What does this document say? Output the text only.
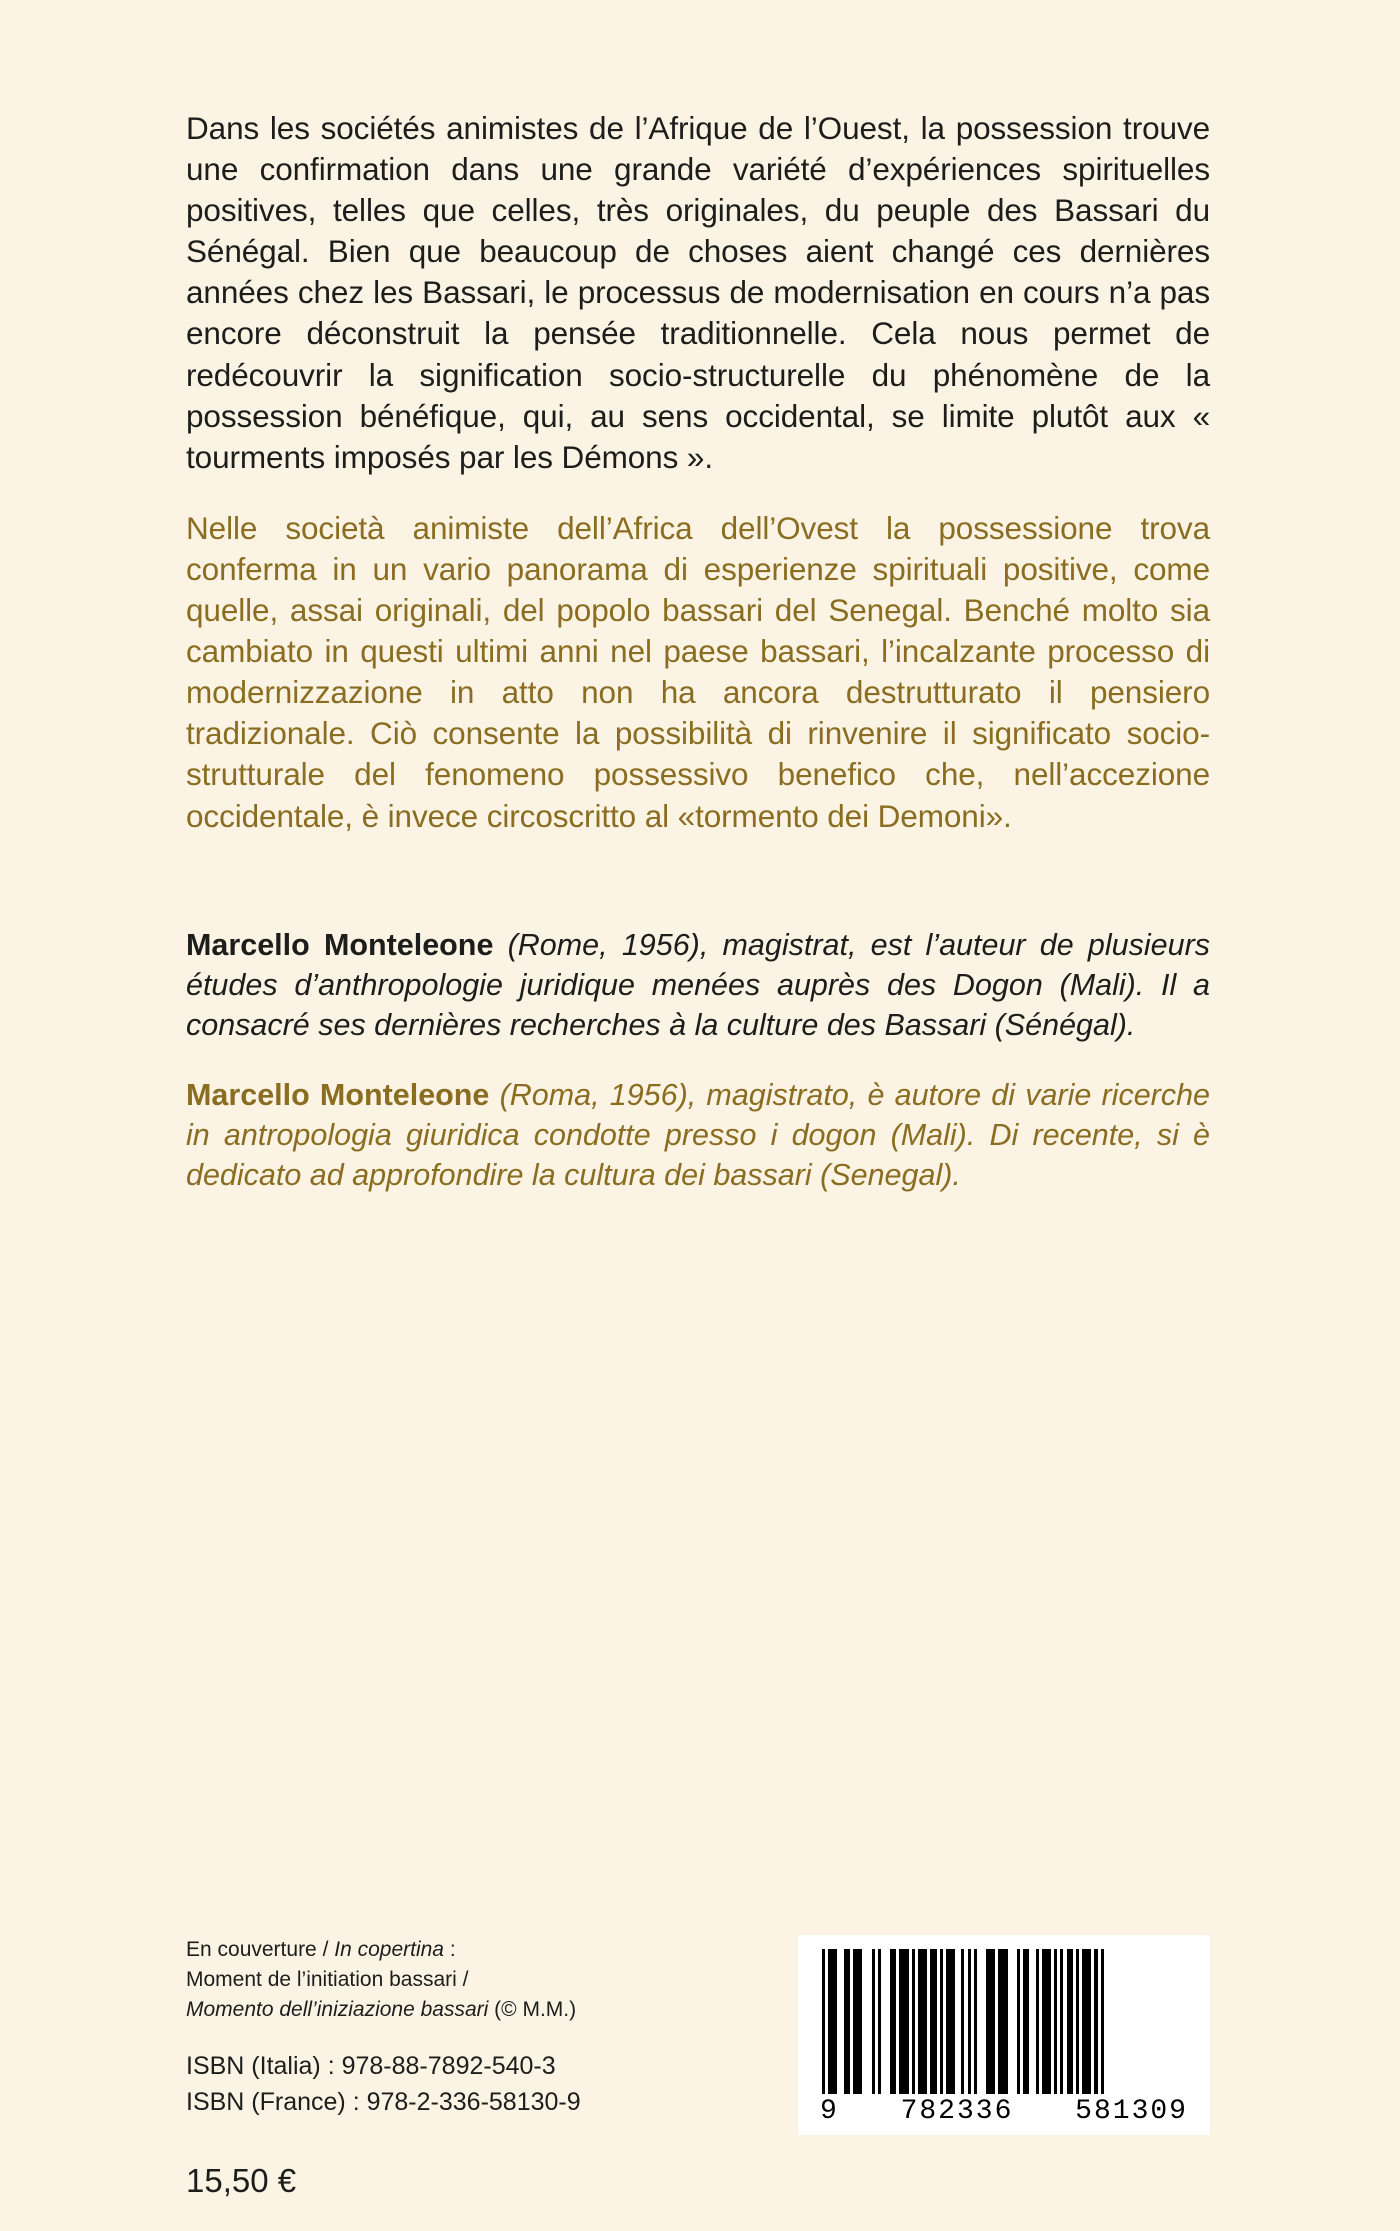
Dans les sociétés animistes de l’Afrique de l’Ouest, la possession trouve une confirmation dans une grande variété d’expériences spirituelles positives, telles que celles, très originales, du peuple des Bassari du Sénégal. Bien que beaucoup de choses aient changé ces dernières années chez les Bassari, le processus de modernisation en cours n’a pas encore déconstruit la pensée traditionnelle. Cela nous permet de redécouvrir la signification socio-structurelle du phénomène de la possession bénéfique, qui, au sens occidental, se limite plutôt aux « tourments imposés par les Démons ».

Nelle società animiste dell’Africa dell’Ovest la possessione trova conferma in un vario panorama di esperienze spirituali positive, come quelle, assai originali, del popolo bassari del Senegal. Benché molto sia cambiato in questi ultimi anni nel paese bassari, l’incalzante processo di modernizzazione in atto non ha ancora destrutturato il pensiero tradizionale. Ciò consente la possibilità di rinvenire il significato socio-strutturale del fenomeno possessivo benefico che, nell’accezione occidentale, è invece circoscritto al «tormento dei Demoni».

Marcello Monteleone (Rome, 1956), magistrat, est l’auteur de plusieurs études d’anthropologie juridique menées auprès des Dogon (Mali). Il a consacré ses dernières recherches à la culture des Bassari (Sénégal).

Marcello Monteleone (Roma, 1956), magistrato, è autore di varie ricerche in antropologia giuridica condotte presso i dogon (Mali). Di recente, si è dedicato ad approfondire la cultura dei bassari (Senegal).

En couverture / In copertina :
Moment de l’initiation bassari /
Momento dell’iniziazione bassari (© M.M.)

ISBN (Italia) : 978-88-7892-540-3
ISBN (France) : 978-2-336-58130-9

15,50 €
9 782336 581309
